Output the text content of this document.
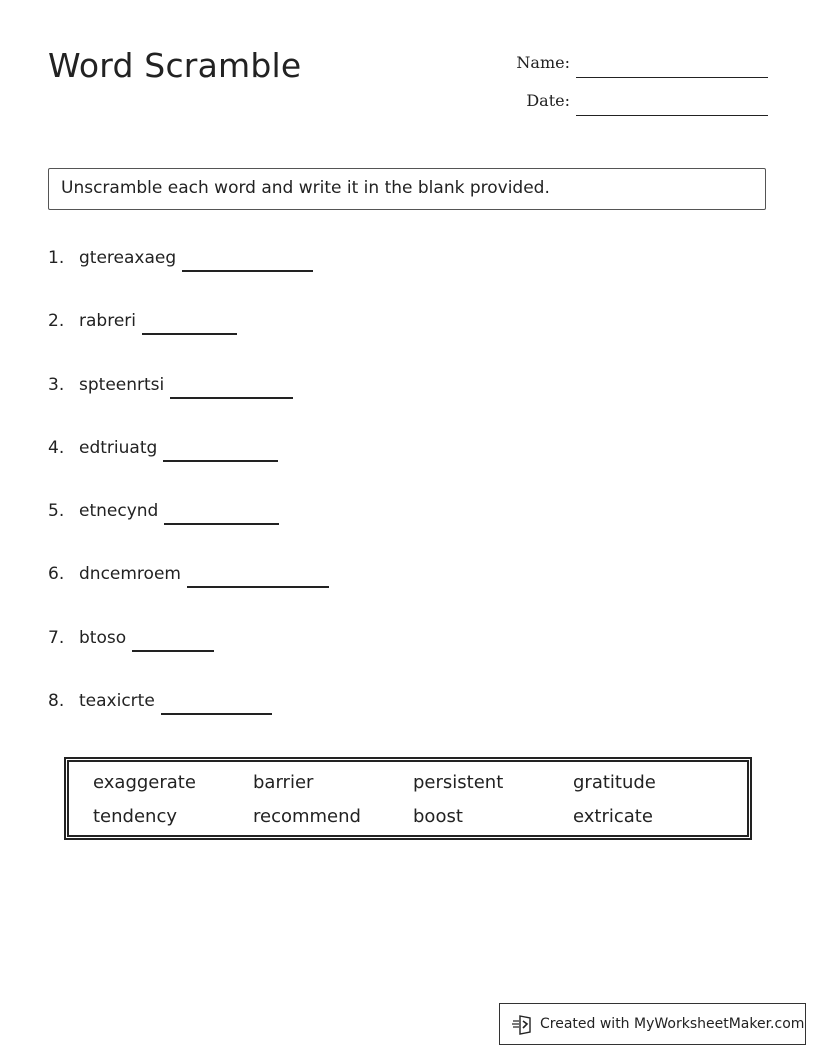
Word Scramble	Name:
Date:
Unscramble each word and write it in the blank provided.
1. gtereaxaeg
2. rabreri
3. spteenrtsi
4. edtriuatg
5. etnecynd
6. dncemroem
7. btoso
8. teaxicrte
exaggerate	barrier	persistent	gratitude
tendency	recommend	boost	extricate
Created with MyWorksheetMaker.com
